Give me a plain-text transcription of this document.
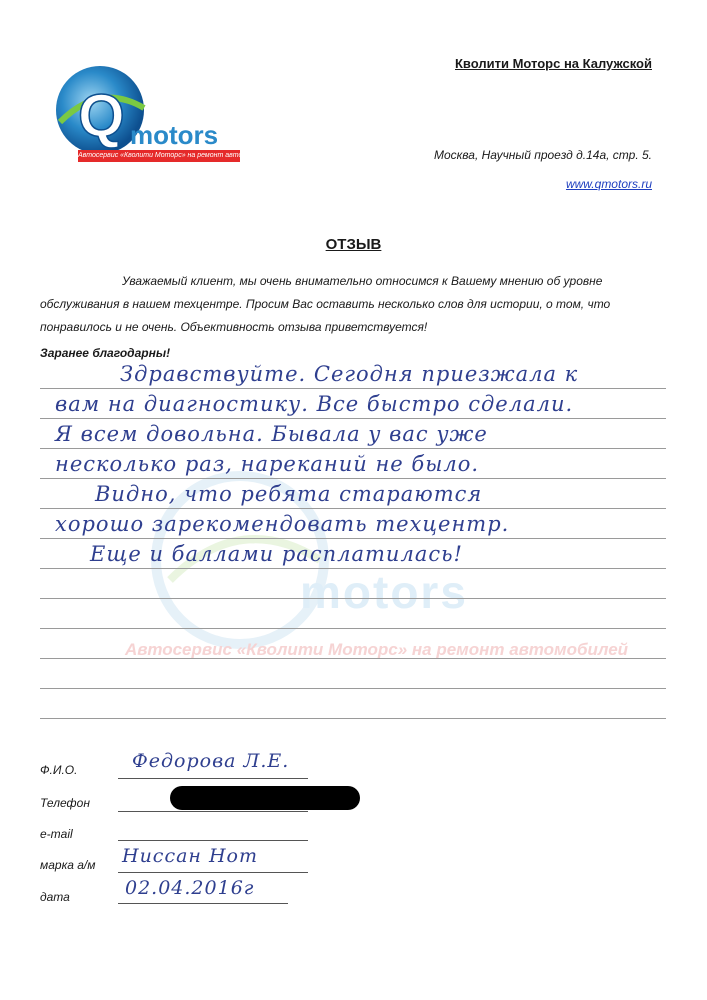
Q motors
Автосервис «Кволити Моторс» на ремонт автомобилей
Кволити Моторс на Калужской
Москва, Научный проезд д.14а, стр. 5.
www.qmotors.ru
ОТЗЫВ
Уважаемый клиент, мы очень внимательно относимся к Вашему мнению об уровне обслуживания в нашем техцентре. Просим Вас оставить несколько слов для истории, о том, что понравилось и не очень. Объективность отзыва приветствуется!
Заранее благодарны!
motors
Автосервис «Кволити Моторс» на ремонт автомобилей
Здравствуйте. Сегодня приезжала к
вам на диагностику. Все быстро сделали.
Я всем довольна. Бывала у вас уже
несколько раз, нареканий не было.
Видно, что ребята стараются
хорошо зарекомендовать техцентр.
Еще и баллами расплатилась!
Ф.И.О.	Федорова Л.Е.
Телефон
e-mail
марка а/м Ниссан Нот
дата	02.04.2016г
